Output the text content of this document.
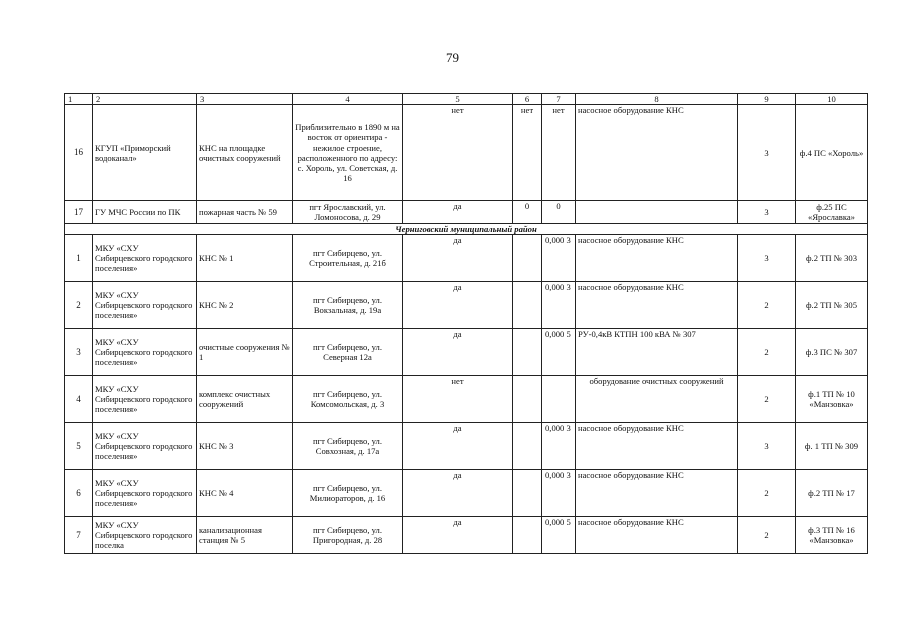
79
1	2	3	4	5	6	7	8	9	10
16	КГУП «Приморский водоканал»	КНС на площадке очистных сооружений	Приблизительно в 1890 м на восток от ориентира - нежилое строение, расположенного по адресу: с. Хороль, ул. Советская, д. 16	нет	нет	нет	насосное оборудование КНС	3	ф.4 ПС «Хороль»
17	ГУ МЧС России по ПК	пожарная часть № 59	пгт Ярославский, ул. Ломоносова, д. 29	да	0	0		3	ф.25 ПС «Ярославка»
Черниговский муниципальный район									
1	МКУ «СХУ Сибирцевского городского поселения»	КНС № 1	пгт Сибирцево, ул. Строительная, д. 21б	да		0,000 3	насосное оборудование КНС	3	ф.2 ТП № 303
2	МКУ «СХУ Сибирцевского городского поселения»	КНС № 2	пгт Сибирцево, ул. Вокзальная, д. 19а	да		0,000 3	насосное оборудование КНС	2	ф.2 ТП № 305
3	МКУ «СХУ Сибирцевского городского поселения»	очистные сооружения № 1	пгт Сибирцево, ул. Северная 12а	да		0,000 5	РУ-0,4кВ КТПН 100 кВА № 307	2	ф.3 ПС № 307
4	МКУ «СХУ Сибирцевского городского поселения»	комплекс очистных сооружений	пгт Сибирцево, ул. Комсомольская, д. 3	нет			оборудование очистных сооружений	2	ф.1 ТП № 10 «Манзовка»
5	МКУ «СХУ Сибирцевского городского поселения»	КНС № 3	пгт Сибирцево, ул. Совхозная, д. 17а	да		0,000 3	насосное оборудование КНС	3	ф. 1 ТП № 309
6	МКУ «СХУ Сибирцевского городского поселения»	КНС № 4	пгт Сибирцево, ул. Милиораторов, д. 16	да		0,000 3	насосное оборудование КНС	2	ф.2 ТП № 17
7	МКУ «СХУ Сибирцевского городского поселка	канализационная станция № 5	пгт Сибирцево, ул. Пригородная, д. 28	да		0,000 5	насосное оборудование КНС	2	ф.3 ТП № 16 «Манзовка»
